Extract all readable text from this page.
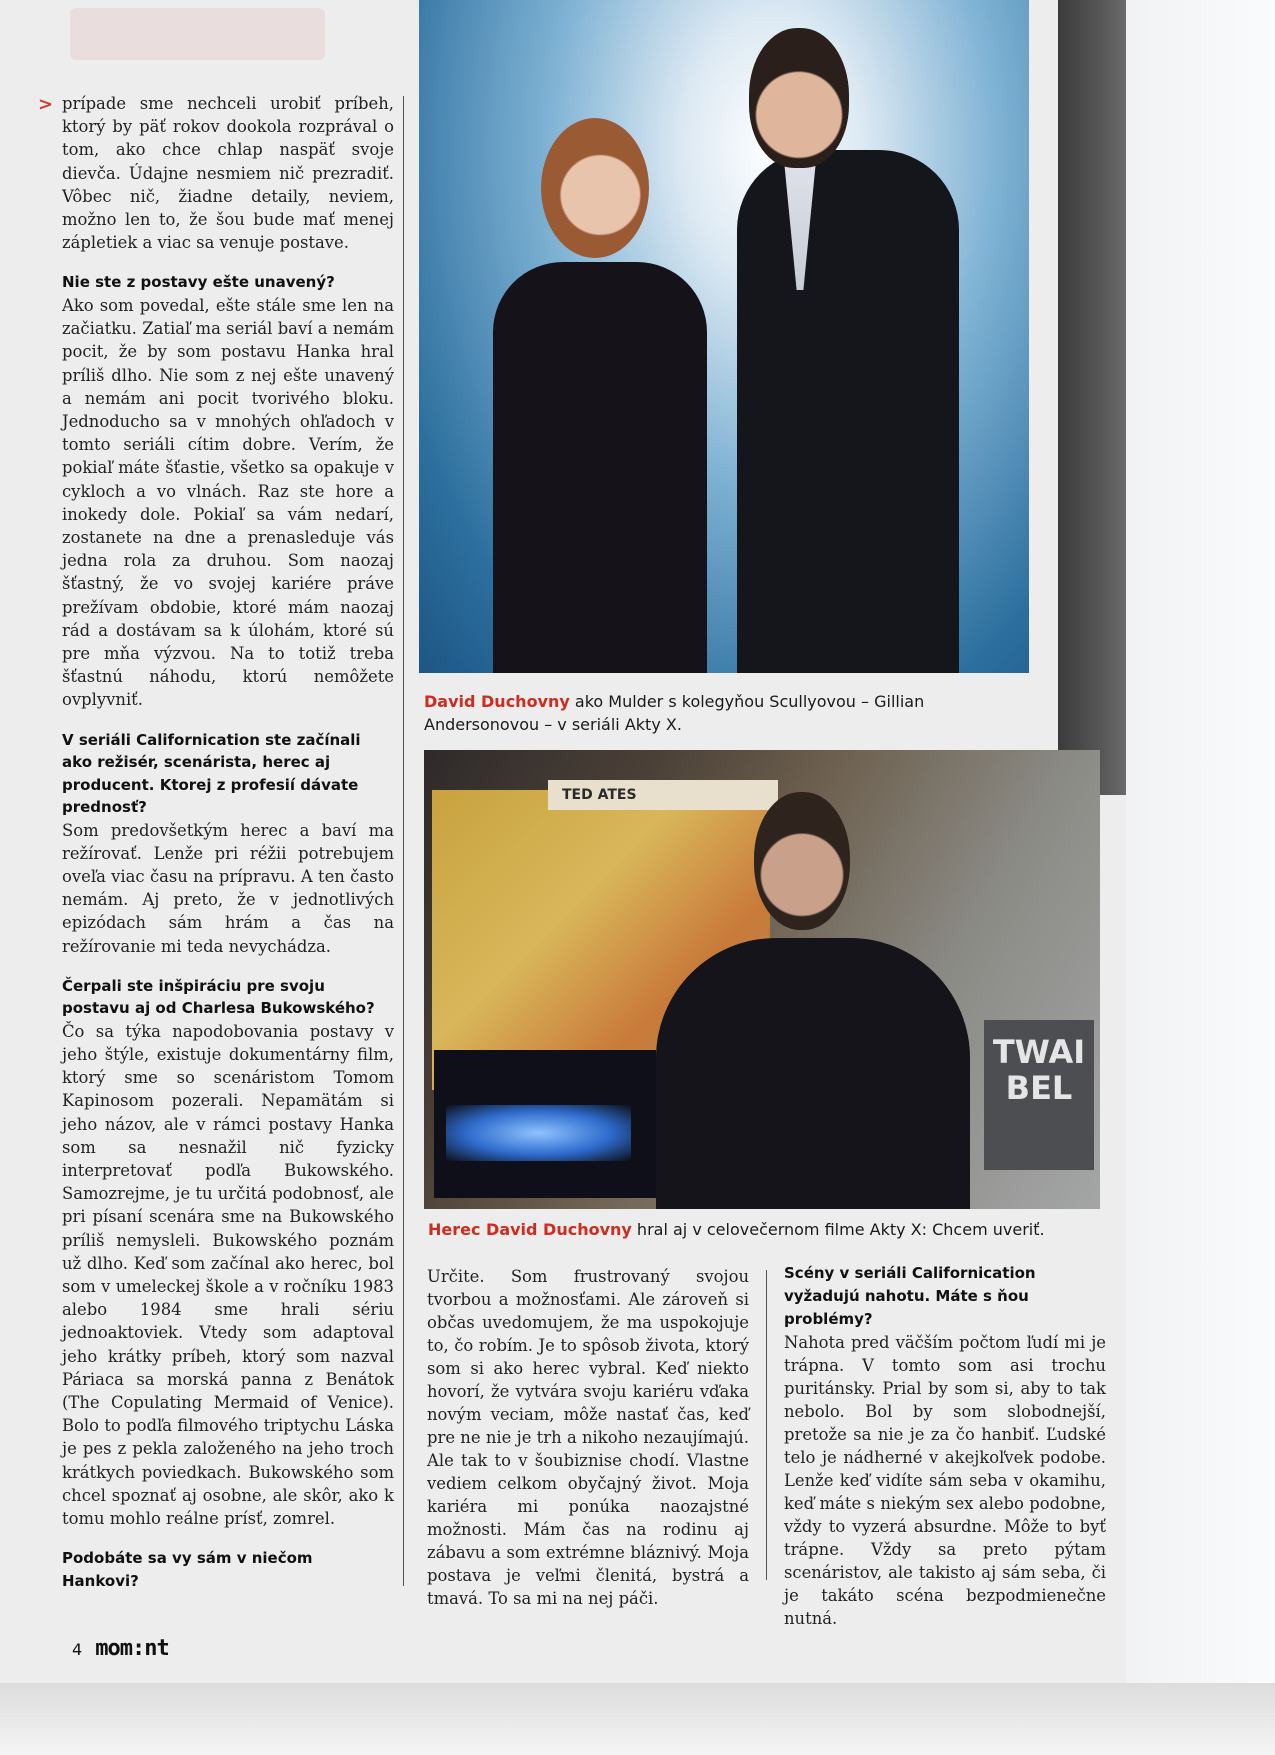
> prípade sme nechceli urobiť príbeh, ktorý by päť rokov dookola rozprával o tom, ako chce chlap naspäť svoje dievča. Údajne nesmiem nič prezradiť. Vôbec nič, žiadne detaily, neviem, možno len to, že šou bude mať menej zápletiek a viac sa venuje postave.

Nie ste z postavy ešte unavený?

Ako som povedal, ešte stále sme len na začiatku. Zatiaľ ma seriál baví a nemám pocit, že by som postavu Hanka hral príliš dlho. Nie som z nej ešte unavený a nemám ani pocit tvorivého bloku. Jednoducho sa v mnohých ohľadoch v tomto seriáli cítim dobre. Verím, že pokiaľ máte šťastie, všetko sa opakuje v cykloch a vo vlnách. Raz ste hore a inokedy dole. Pokiaľ sa vám nedarí, zostanete na dne a prenasleduje vás jedna rola za druhou. Som naozaj šťastný, že vo svojej kariére práve prežívam obdobie, ktoré mám naozaj rád a dostávam sa k úlohám, ktoré sú pre mňa výzvou. Na to totiž treba šťastnú náhodu, ktorú nemôžete ovplyvniť.

V seriáli Californication ste začínali ako režisér, scenárista, herec aj producent. Ktorej z profesií dávate prednosť?

Som predovšetkým herec a baví ma režírovať. Lenže pri réžii potrebujem oveľa viac času na prípravu. A ten často nemám. Aj preto, že v jednotlivých epizódach sám hrám a čas na režírovanie mi teda nevychádza.

Čerpali ste inšpiráciu pre svoju postavu aj od Charlesa Bukowského?

Čo sa týka napodobovania postavy v jeho štýle, existuje dokumentárny film, ktorý sme so scenáristom Tomom Kapinosom pozerali. Nepamätám si jeho názov, ale v rámci postavy Hanka som sa nesnažil nič fyzicky interpretovať podľa Bukowského. Samozrejme, je tu určitá podobnosť, ale pri písaní scenára sme na Bukowského príliš nemysleli. Bukowského poznám už dlho. Keď som začínal ako herec, bol som v umeleckej škole a v ročníku 1983 alebo 1984 sme hrali sériu jednoaktoviek. Vtedy som adaptoval jeho krátky príbeh, ktorý som nazval Páriaca sa morská panna z Benátok (The Copulating Mermaid of Venice). Bolo to podľa filmového triptychu Láska je pes z pekla založeného na jeho troch krátkych poviedkach. Bukowského som chcel spoznať aj osobne, ale skôr, ako k tomu mohlo reálne prísť, zomrel.

Podobáte sa vy sám v niečom Hankovi?

David Duchovny ako Mulder s kolegyňou Scullyovou – Gillian Andersonovou – v seriáli Akty X.
TED ATES
TWAI BEL
Herec David Duchovny hral aj v celovečernom filme Akty X: Chcem uveriť.

Určite. Som frustrovaný svojou tvorbou a možnosťami. Ale zároveň si občas uvedomujem, že ma uspokojuje to, čo robím. Je to spôsob života, ktorý som si ako herec vybral. Keď niekto hovorí, že vytvára svoju kariéru vďaka novým veciam, môže nastať čas, keď pre ne nie je trh a nikoho nezaujímajú. Ale tak to v šoubiznise chodí. Vlastne vediem celkom obyčajný život. Moja kariéra mi ponúka naozajstné možnosti. Mám čas na rodinu aj zábavu a som extrémne bláznivý. Moja postava je veľmi členitá, bystrá a tmavá. To sa mi na nej páči.

Scény v seriáli Californication vyžadujú nahotu. Máte s ňou problémy?

Nahota pred väčším počtom ľudí mi je trápna. V tomto som asi trochu puritánsky. Prial by som si, aby to tak nebolo. Bol by som slobodnejší, pretože sa nie je za čo hanbiť. Ľudské telo je nádherné v akejkoľvek podobe. Lenže keď vidíte sám seba v okamihu, keď máte s niekým sex alebo podobne, vždy to vyzerá absurdne. Môže to byť trápne. Vždy sa preto pýtam scenáristov, ale takisto aj sám seba, či je takáto scéna bezpodmienečne nutná.

4 mom:nt
